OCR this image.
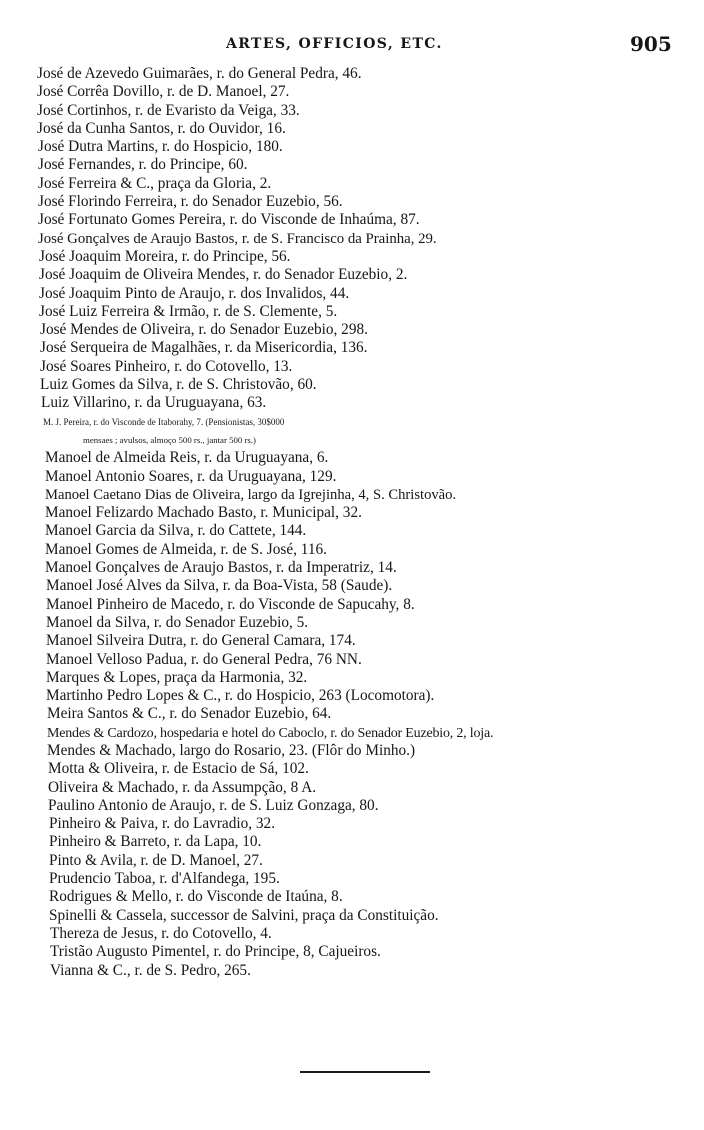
ARTES, OFFICIOS, ETC.	905
José de Azevedo Guimarães, r. do General Pedra, 46.
José Corrêa Dovillo, r. de D. Manoel, 27.
José Cortinhos, r. de Evaristo da Veiga, 33.
José da Cunha Santos, r. do Ouvidor, 16.
José Dutra Martins, r. do Hospicio, 180.
José Fernandes, r. do Principe, 60.
José Ferreira & C., praça da Gloria, 2.
José Florindo Ferreira, r. do Senador Euzebio, 56.
José Fortunato Gomes Pereira, r. do Visconde de Inhaúma, 87.
José Gonçalves de Araujo Bastos, r. de S. Francisco da Prainha, 29.
José Joaquim Moreira, r. do Principe, 56.
José Joaquim de Oliveira Mendes, r. do Senador Euzebio, 2.
José Joaquim Pinto de Araujo, r. dos Invalidos, 44.
José Luiz Ferreira & Irmão, r. de S. Clemente, 5.
José Mendes de Oliveira, r. do Senador Euzebio, 298.
José Serqueira de Magalhães, r. da Misericordia, 136.
José Soares Pinheiro, r. do Cotovello, 13.
Luiz Gomes da Silva, r. de S. Christovão, 60.
Luiz Villarino, r. da Uruguayana, 63.
M. J. Pereira, r. do Visconde de Itaborahy, 7. (Pensionistas, 30$000
mensaes ; avulsos, almoço 500 rs., jantar 500 rs.)
Manoel de Almeida Reis, r. da Uruguayana, 6.
Manoel Antonio Soares, r. da Uruguayana, 129.
Manoel Caetano Dias de Oliveira, largo da Igrejinha, 4, S. Christovão.
Manoel Felizardo Machado Basto, r. Municipal, 32.
Manoel Garcia da Silva, r. do Cattete, 144.
Manoel Gomes de Almeida, r. de S. José, 116.
Manoel Gonçalves de Araujo Bastos, r. da Imperatriz, 14.
Manoel José Alves da Silva, r. da Boa-Vista, 58 (Saude).
Manoel Pinheiro de Macedo, r. do Visconde de Sapucahy, 8.
Manoel da Silva, r. do Senador Euzebio, 5.
Manoel Silveira Dutra, r. do General Camara, 174.
Manoel Velloso Padua, r. do General Pedra, 76 NN.
Marques & Lopes, praça da Harmonia, 32.
Martinho Pedro Lopes & C., r. do Hospicio, 263 (Locomotora).
Meira Santos & C., r. do Senador Euzebio, 64.
Mendes & Cardozo, hospedaria e hotel do Caboclo, r. do Senador Euzebio, 2, loja.
Mendes & Machado, largo do Rosario, 23. (Flôr do Minho.)
Motta & Oliveira, r. de Estacio de Sá, 102.
Oliveira & Machado, r. da Assumpção, 8 A.
Paulino Antonio de Araujo, r. de S. Luiz Gonzaga, 80.
Pinheiro & Paiva, r. do Lavradio, 32.
Pinheiro & Barreto, r. da Lapa, 10.
Pinto & Avila, r. de D. Manoel, 27.
Prudencio Taboa, r. d'Alfandega, 195.
Rodrigues & Mello, r. do Visconde de Itaúna, 8.
Spinelli & Cassela, successor de Salvini, praça da Constituição.
Thereza de Jesus, r. do Cotovello, 4.
Tristão Augusto Pimentel, r. do Principe, 8, Cajueiros.
Vianna & C., r. de S. Pedro, 265.
